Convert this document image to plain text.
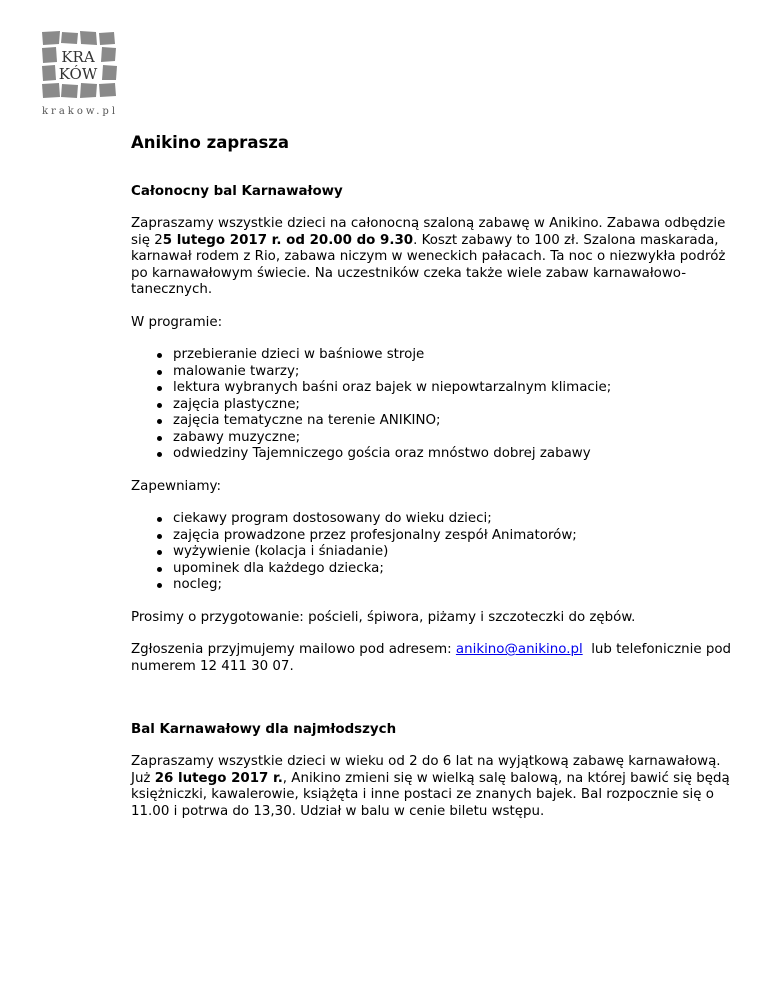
KRA
KÓW
krakow.pl
Anikino zaprasza
Całonocny bal Karnawałowy

Zapraszamy wszystkie dzieci na całonocną szaloną zabawę w Anikino. Zabawa odbędzie się 25 lutego 2017 r. od 20.00 do 9.30. Koszt zabawy to 100 zł. Szalona maskarada, karnawał rodem z Rio, zabawa niczym w weneckich pałacach. Ta noc o niezwykła podróż po karnawałowym świecie. Na uczestników czeka także wiele zabaw karnawałowo-tanecznych.

W programie:

przebieranie dzieci w baśniowe stroje
malowanie twarzy;
lektura wybranych baśni oraz bajek w niepowtarzalnym klimacie;
zajęcia plastyczne;
zajęcia tematyczne na terenie ANIKINO;
zabawy muzyczne;
odwiedziny Tajemniczego gościa oraz mnóstwo dobrej zabawy

Zapewniamy:

ciekawy program dostosowany do wieku dzieci;
zajęcia prowadzone przez profesjonalny zespół Animatorów;
wyżywienie (kolacja i śniadanie)
upominek dla każdego dziecka;
nocleg;

Prosimy o przygotowanie: pościeli, śpiwora, piżamy i szczoteczki do zębów.

Zgłoszenia przyjmujemy mailowo pod adresem: anikino@anikino.pl  lub telefonicznie pod numerem 12 411 30 07.

Bal Karnawałowy dla najmłodszych

Zapraszamy wszystkie dzieci w wieku od 2 do 6 lat na wyjątkową zabawę karnawałową. Już 26 lutego 2017 r., Anikino zmieni się w wielką salę balową, na której bawić się będą księżniczki, kawalerowie, książęta i inne postaci ze znanych bajek. Bal rozpocznie się o 11.00 i potrwa do 13,30. Udział w balu w cenie biletu wstępu.
